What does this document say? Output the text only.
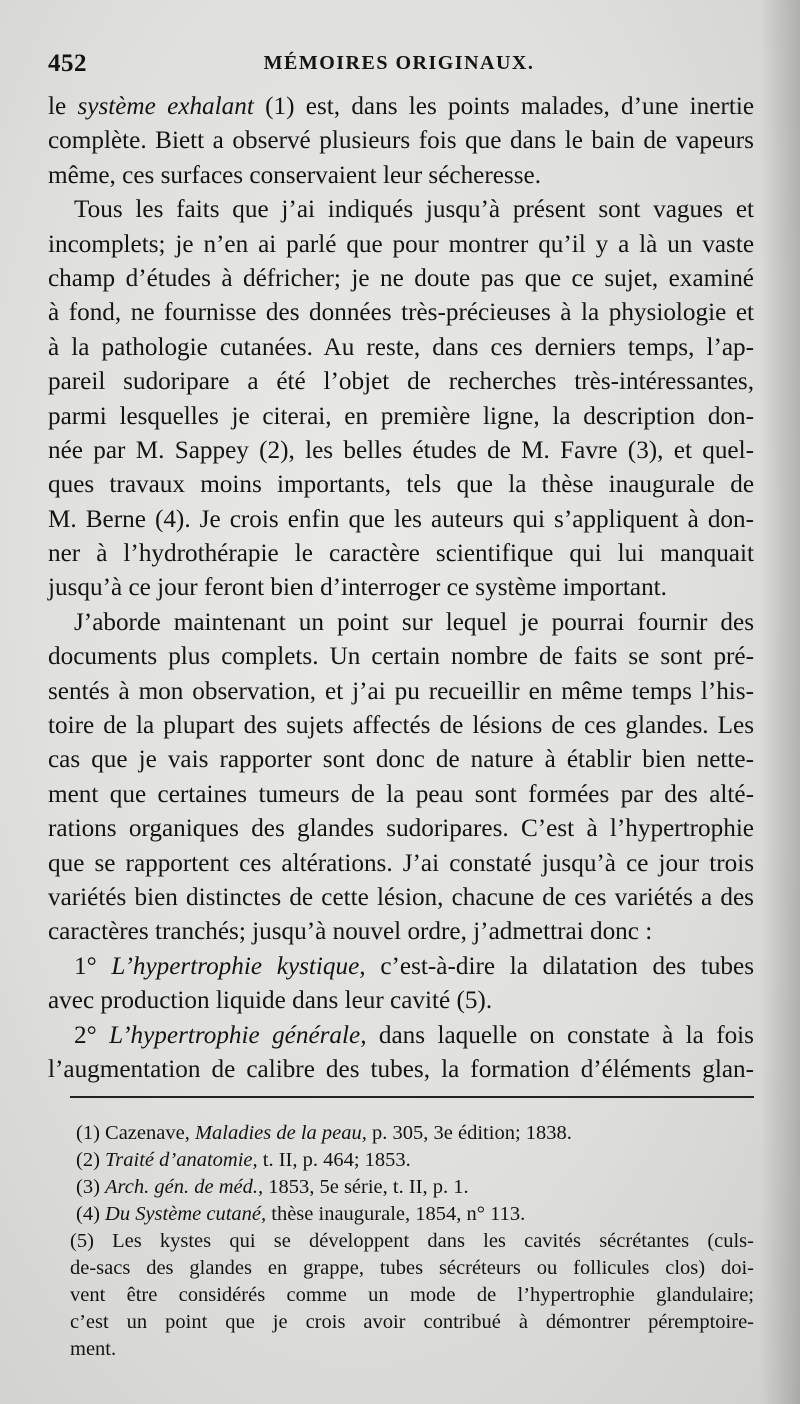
452	MÉMOIRES ORIGINAUX.
le système exhalant (1) est, dans les points malades, d’une inertie
complète. Biett a observé plusieurs fois que dans le bain de vapeurs
même, ces surfaces conservaient leur sécheresse.
Tous les faits que j’ai indiqués jusqu’à présent sont vagues et
incomplets; je n’en ai parlé que pour montrer qu’il y a là un vaste
champ d’études à défricher; je ne doute pas que ce sujet, examiné
à fond, ne fournisse des données très-précieuses à la physiologie et
à la pathologie cutanées. Au reste, dans ces derniers temps, l’ap-
pareil sudoripare a été l’objet de recherches très-intéressantes,
parmi lesquelles je citerai, en première ligne, la description don-
née par M. Sappey (2), les belles études de M. Favre (3), et quel-
ques travaux moins importants, tels que la thèse inaugurale de
M. Berne (4). Je crois enfin que les auteurs qui s’appliquent à don-
ner à l’hydrothérapie le caractère scientifique qui lui manquait
jusqu’à ce jour feront bien d’interroger ce système important.
J’aborde maintenant un point sur lequel je pourrai fournir des
documents plus complets. Un certain nombre de faits se sont pré-
sentés à mon observation, et j’ai pu recueillir en même temps l’his-
toire de la plupart des sujets affectés de lésions de ces glandes. Les
cas que je vais rapporter sont donc de nature à établir bien nette-
ment que certaines tumeurs de la peau sont formées par des alté-
rations organiques des glandes sudoripares. C’est à l’hypertrophie
que se rapportent ces altérations. J’ai constaté jusqu’à ce jour trois
variétés bien distinctes de cette lésion, chacune de ces variétés a des
caractères tranchés; jusqu’à nouvel ordre, j’admettrai donc :
1° L’hypertrophie kystique, c’est-à-dire la dilatation des tubes
avec production liquide dans leur cavité (5).
2° L’hypertrophie générale, dans laquelle on constate à la fois
l’augmentation de calibre des tubes, la formation d’éléments glan-
(1) Cazenave, Maladies de la peau, p. 305, 3e édition; 1838.
(2) Traité d’anatomie, t. II, p. 464; 1853.
(3) Arch. gén. de méd., 1853, 5e série, t. II, p. 1.
(4) Du Système cutané, thèse inaugurale, 1854, n° 113.
(5) Les kystes qui se développent dans les cavités sécrétantes (culs-
de-sacs des glandes en grappe, tubes sécréteurs ou follicules clos) doi-
vent être considérés comme un mode de l’hypertrophie glandulaire;
c’est un point que je crois avoir contribué à démontrer péremptoire-
ment.
